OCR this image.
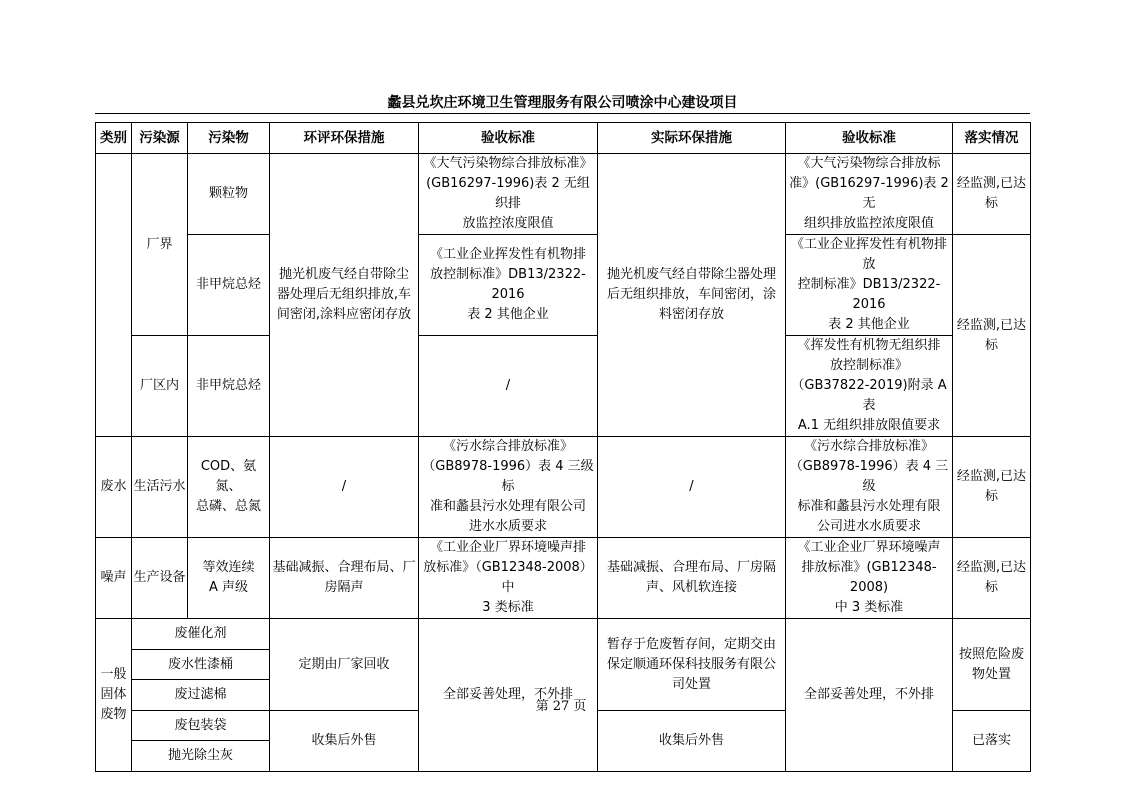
蠡县兑坎庄环境卫生管理服务有限公司喷涂中心建设项目
类别	污染源	污染物	环评环保措施	验收标准	实际环保措施	验收标准	落实情况
	厂界	颗粒物	抛光机废气经自带除尘
器处理后无组织排放,车
间密闭,涂料应密闭存放	《大气污染物综合排放标准》
(GB16297-1996)表 2 无组织排
放监控浓度限值	抛光机废气经自带除尘器处理
后无组织排放，车间密闭，涂
料密闭存放	《大气污染物综合排放标
准》(GB16297-1996)表 2 无
组织排放监控浓度限值	经监测,已达
标

		非甲烷总烃		《工业企业挥发性有机物排
放控制标准》DB13/2322-2016
表 2 其他企业		《工业企业挥发性有机物排放
控制标准》DB13/2322-2016
表 2 其他企业	经监测,已达
标

	厂区内	非甲烷总烃		/		《挥发性有机物无组织排
放控制标准》
（GB37822-2019)附录 A 表
A.1 无组织排放限值要求	

废水	生活污水	COD、氨氮、
总磷、总氮	/	《污水综合排放标准》
（GB8978-1996）表 4 三级标
准和蠡县污水处理有限公司
进水水质要求	/	《污水综合排放标准》
（GB8978-1996）表 4 三级
标准和蠡县污水处理有限
公司进水水质要求	经监测,已达
标

噪声	生产设备	等效连续
A 声级	基础减振、合理布局、厂
房隔声	《工业企业厂界环境噪声排
放标准》（GB12348-2008）中
3 类标准	基础减振、合理布局、厂房隔
声、风机软连接	《工业企业厂界环境噪声
排放标准》(GB12348-2008)
中 3 类标准	经监测,已达
标

一般
固体
废物	废催化剂		定期由厂家回收	全部妥善处理，不外排	暂存于危废暂存间，定期交由
保定顺通环保科技服务有限公
司处置	全部妥善处理，不外排	按照危险废
物处置

	废水性漆桶						
	废过滤棉						
	废包装袋		收集后外售		收集后外售		已落实
	抛光除尘灰						
第 27 页
